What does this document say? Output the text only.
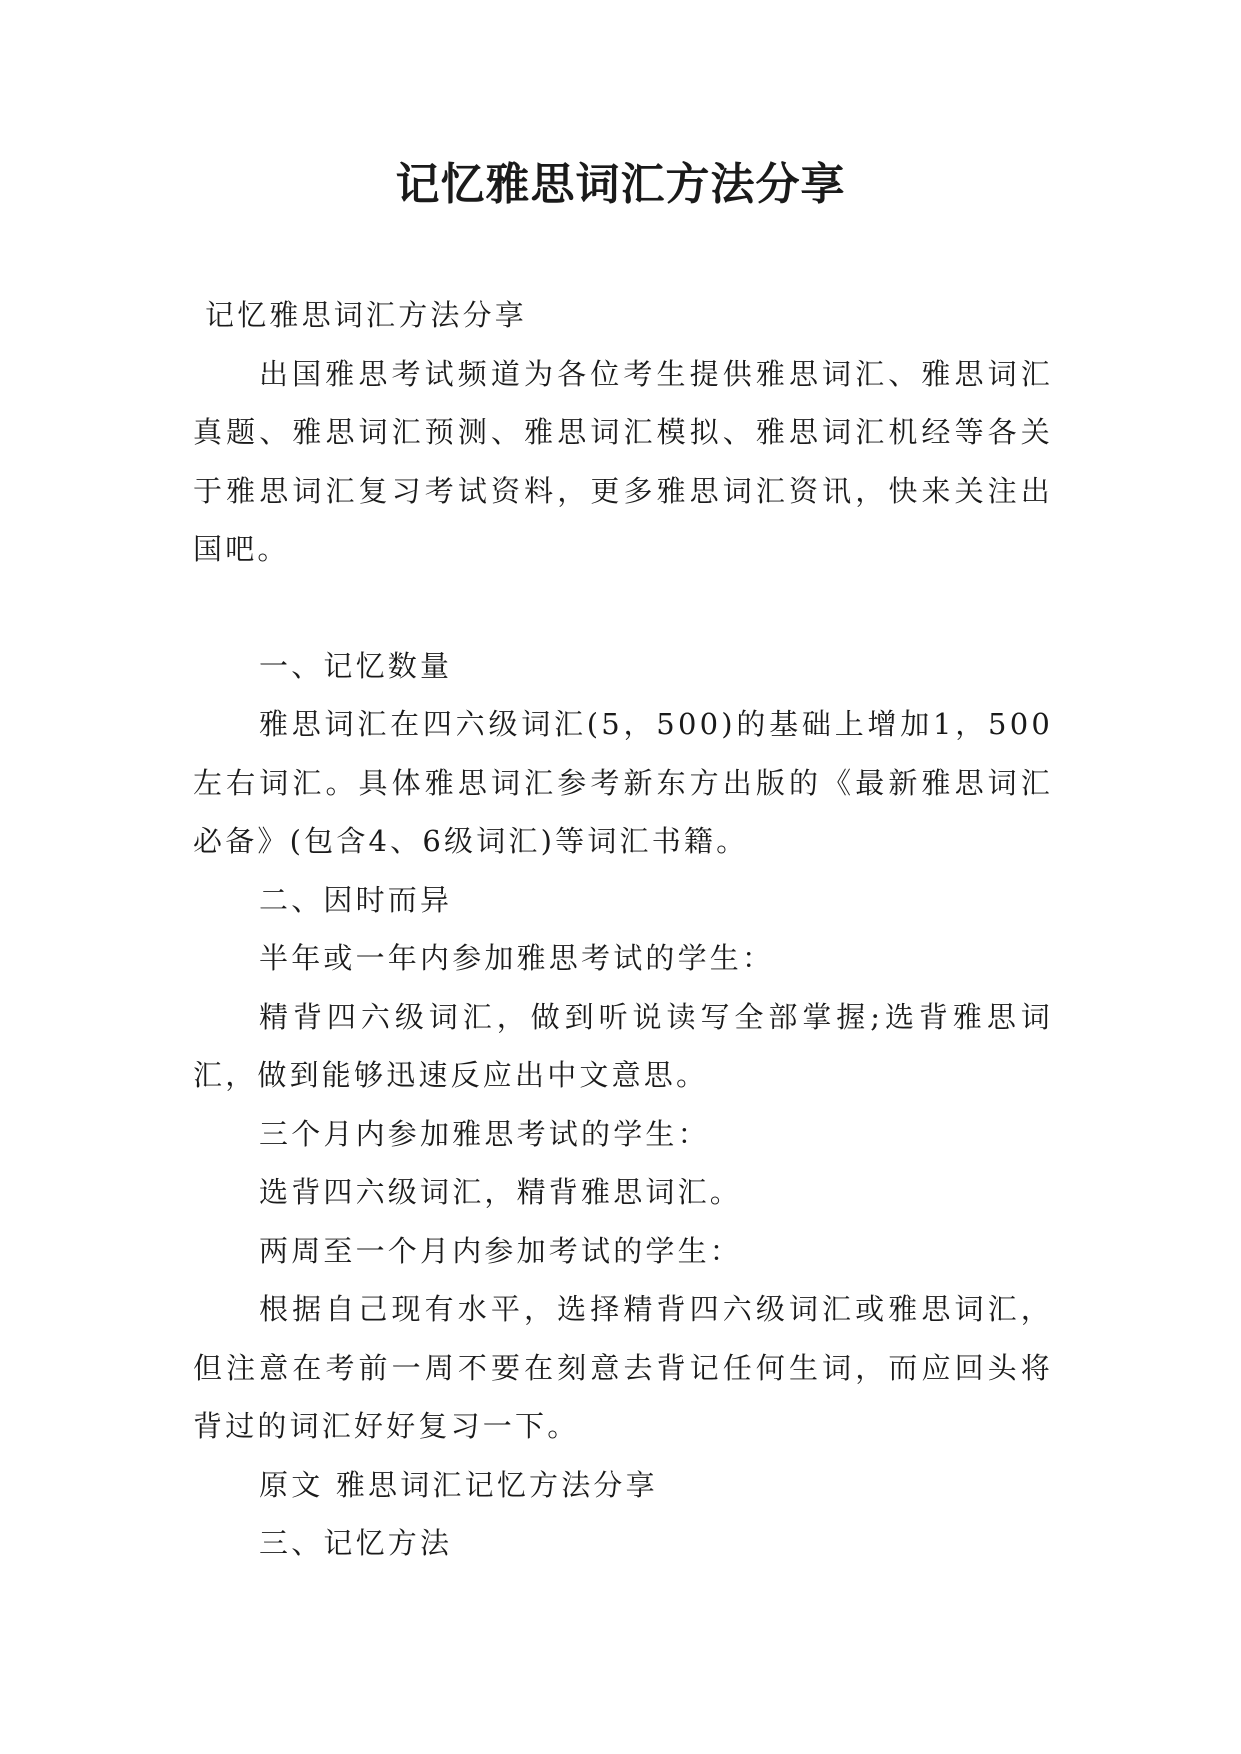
记忆雅思词汇方法分享

记忆雅思词汇方法分享

出国雅思考试频道为各位考生提供雅思词汇、雅思词汇真题、雅思词汇预测、雅思词汇模拟、雅思词汇机经等各关于雅思词汇复习考试资料，更多雅思词汇资讯，快来关注出国吧。

一、记忆数量

雅思词汇在四六级词汇(5，500)的基础上增加1，500左右词汇。具体雅思词汇参考新东方出版的《最新雅思词汇必备》(包含4、6级词汇)等词汇书籍。

二、因时而异

半年或一年内参加雅思考试的学生：

精背四六级词汇，做到听说读写全部掌握;选背雅思词汇，做到能够迅速反应出中文意思。

三个月内参加雅思考试的学生：

选背四六级词汇，精背雅思词汇。

两周至一个月内参加考试的学生：

根据自己现有水平，选择精背四六级词汇或雅思词汇，但注意在考前一周不要在刻意去背记任何生词，而应回头将背过的词汇好好复习一下。

原文 雅思词汇记忆方法分享

三、记忆方法
